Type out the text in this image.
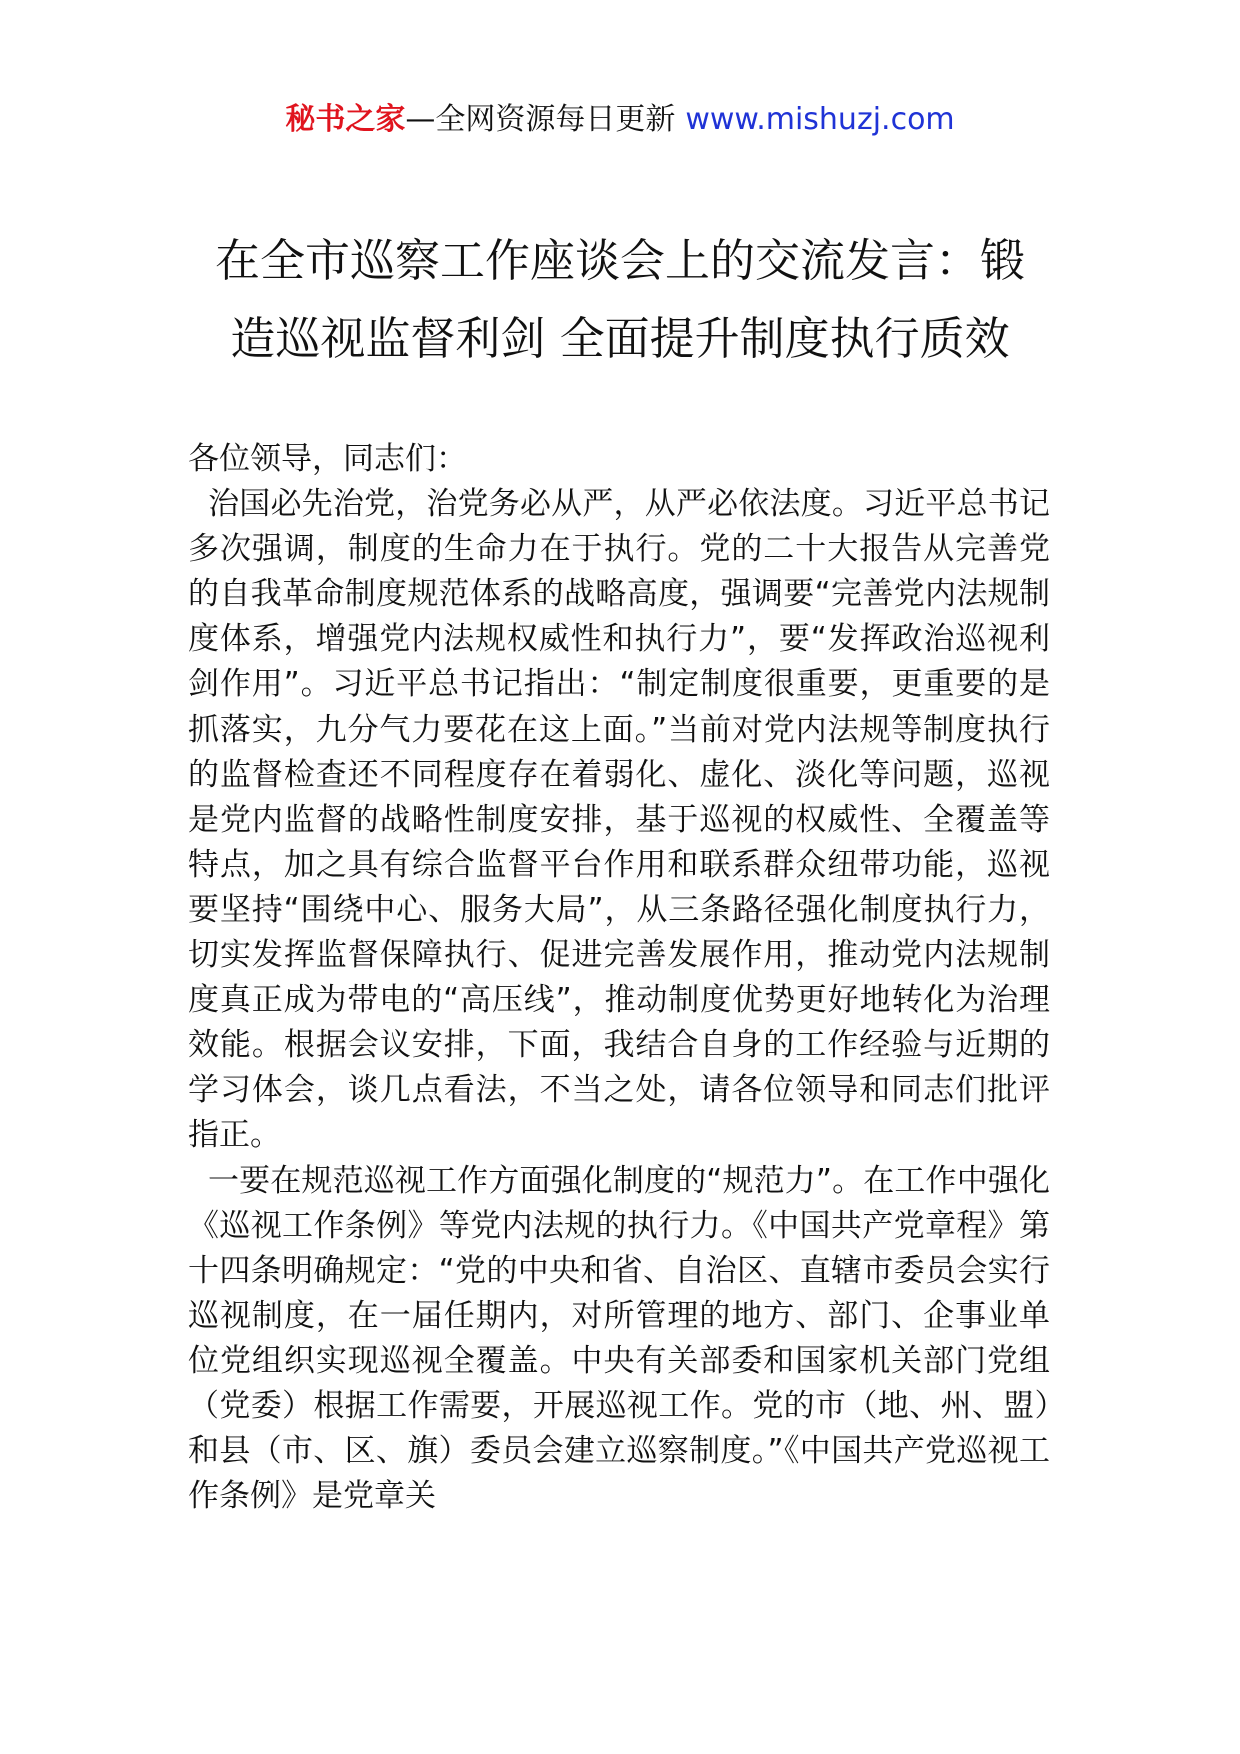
秘书之家—全网资源每日更新 www.mishuzj.com
在全市巡察工作座谈会上的交流发言：锻
造巡视监督利剑 全面提升制度执行质效

各位领导，同志们：

治国必先治党，治党务必从严，从严必依法度。习近平总书记多次强调，制度的生命力在于执行。党的二十大报告从完善党的自我革命制度规范体系的战略高度，强调要“完善党内法规制度体系，增强党内法规权威性和执行力”，要“发挥政治巡视利剑作用”。习近平总书记指出：“制定制度很重要，更重要的是抓落实，九分气力要花在这上面。”当前对党内法规等制度执行的监督检查还不同程度存在着弱化、虚化、淡化等问题，巡视是党内监督的战略性制度安排，基于巡视的权威性、全覆盖等特点，加之具有综合监督平台作用和联系群众纽带功能，巡视要坚持“围绕中心、服务大局”，从三条路径强化制度执行力，切实发挥监督保障执行、促进完善发展作用，推动党内法规制度真正成为带电的“高压线”，推动制度优势更好地转化为治理效能。根据会议安排，下面，我结合自身的工作经验与近期的学习体会，谈几点看法，不当之处，请各位领导和同志们批评指正。

一要在规范巡视工作方面强化制度的“规范力”。在工作中强化《巡视工作条例》等党内法规的执行力。《中国共产党章程》第十四条明确规定：“党的中央和省、自治区、直辖市委员会实行巡视制度，在一届任期内，对所管理的地方、部门、企事业单位党组织实现巡视全覆盖。中央有关部委和国家机关部门党组（党委）根据工作需要，开展巡视工作。党的市（地、州、盟）和县（市、区、旗）委员会建立巡察制度。”《中国共产党巡视工作条例》是党章关
